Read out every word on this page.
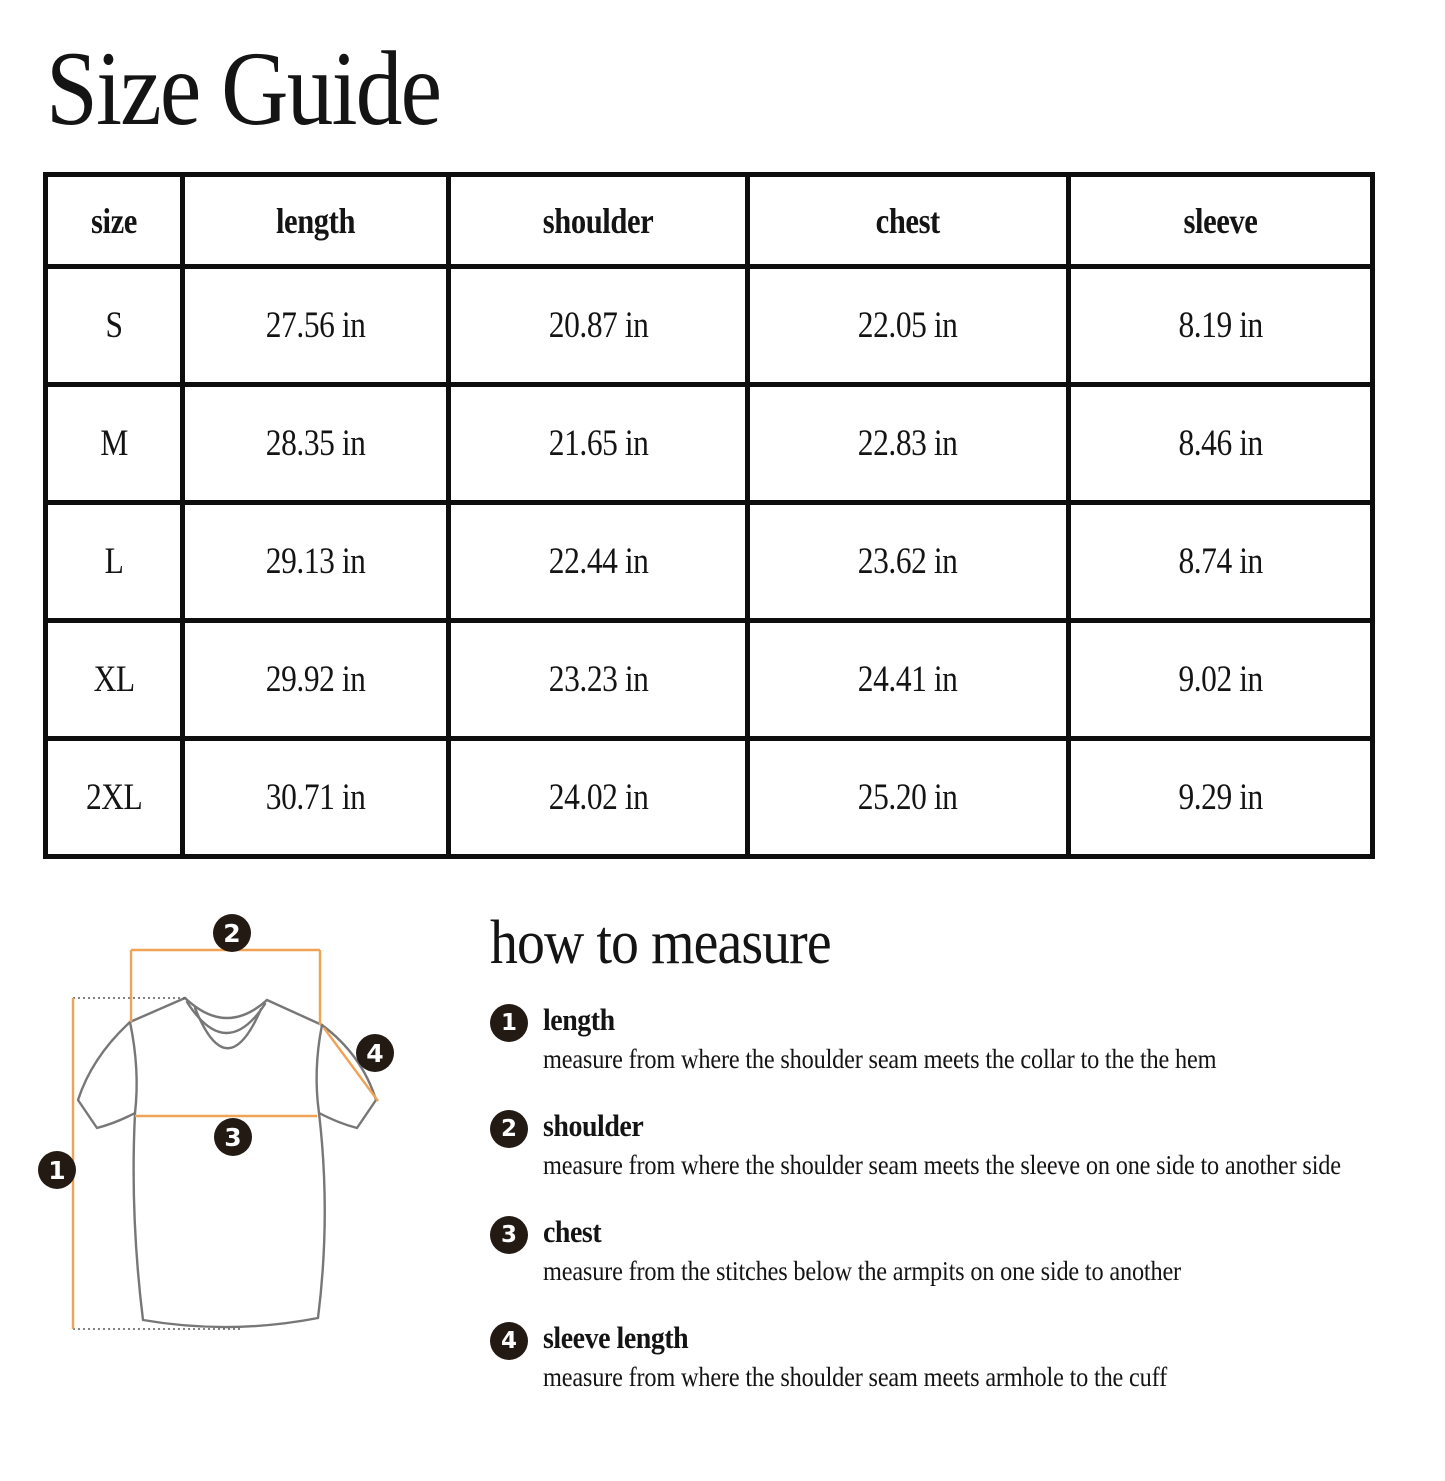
Size Guide
size	length	shoulder	chest	sleeve
S	27.56 in	20.87 in	22.05 in	8.19 in
M	28.35 in	21.65 in	22.83 in	8.46 in
L	29.13 in	22.44 in	23.62 in	8.74 in
XL	29.92 in	23.23 in	24.41 in	9.02 in
2XL	30.71 in	24.02 in	25.20 in	9.29 in
1
2
3
4
how to measure
1 length
measure from where the shoulder seam meets the collar to the the hem
2 shoulder
measure from where the shoulder seam meets the sleeve on one side to another side
3 chest
measure from the stitches below the armpits on one side to another
4 sleeve length
measure from where the shoulder seam meets armhole to the cuff
